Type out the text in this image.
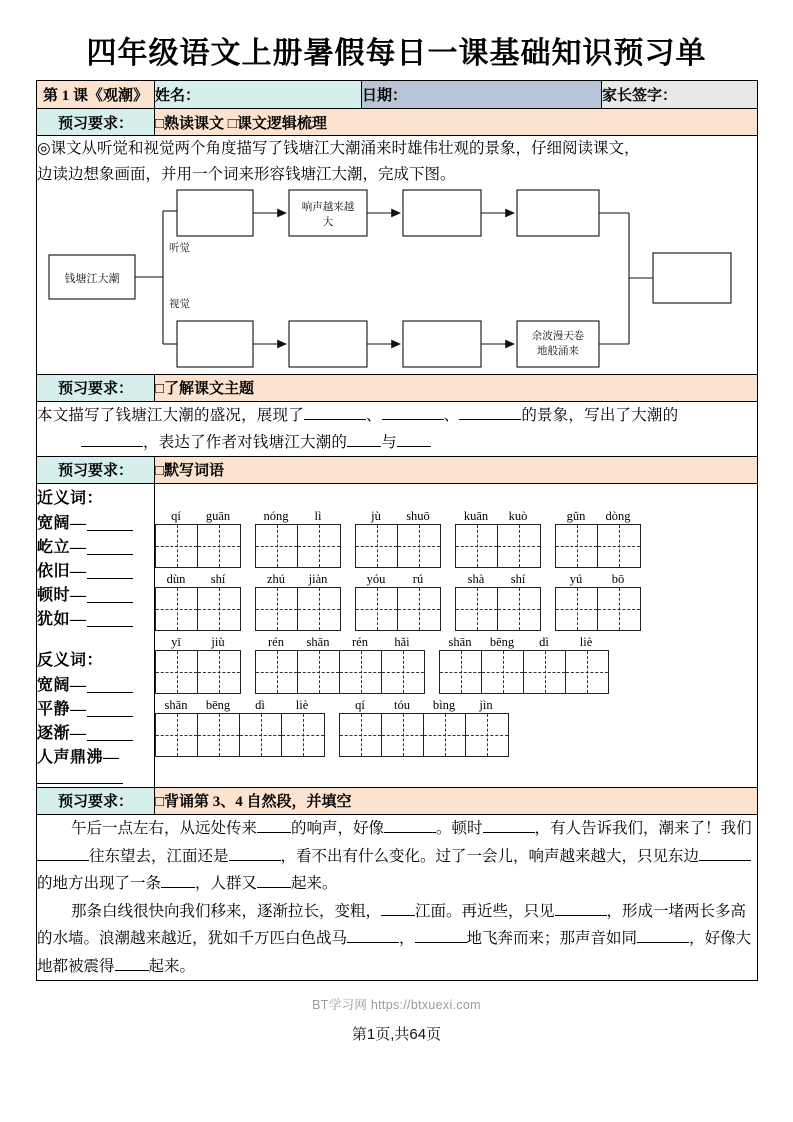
四年级语文上册暑假每日一课基础知识预习单
第 1 课《观潮》	姓名：	日期：	家长签字：
预习要求：	□熟读课文 □课文逻辑梳理		

◎课文从听觉和视觉两个角度描写了钱塘江大潮涌来时雄伟壮观的景象，仔细阅读课文，
边读边想象画面，并用一个词来形容钱塘江大潮，完成下图。
钱塘江大潮
响声越来越
大
余波漫天卷
地般涌来
听觉
视觉

预习要求：	□了解课文主题		

本文描写了钱塘江大潮的盛况，展现了 、 、 的景象，写出了大潮的
，表达了作者对钱塘江大潮的 与			

预习要求：	□默写词语		

近义词：
宽阔—
屹立—
依旧—
顿时—
犹如—
反义词：
宽阔—
平静—
逐渐—
人声鼎沸—

qí	guān	nóng	lì	jù	shuō	kuān	kuò	gǔn	dòng
dùn	shí	zhú	jiàn	yóu	rú	shà	shí	yú	bō
yī	jiù	rén	shān	rén	hǎi	shān	bēng	dì	liè
shān	bēng	dì	liè	qí	tóu	bìng	jìn

预习要求：	□背诵第 3、4 自然段，并填空		

午后一点左右，从远处传来 的响声，好像 。顿时 ，有人告诉我们，潮来了！我们往东望去，江面还是 ，看不出有什么变化。过了一会儿，响声越来越大，只见东边的地方出现了一条 ，人群又 起来。

那条白线很快向我们移来，逐渐拉长，变粗， 江面。再近些，只见 ，形成一堵两长多高的水墙。浪潮越来越近，犹如千万匹白色战马 ， 地飞奔而来；那声音如同 ，好像大地都被震得 起来。			

BT学习网 https://btxuexi.com
第1页,共64页
